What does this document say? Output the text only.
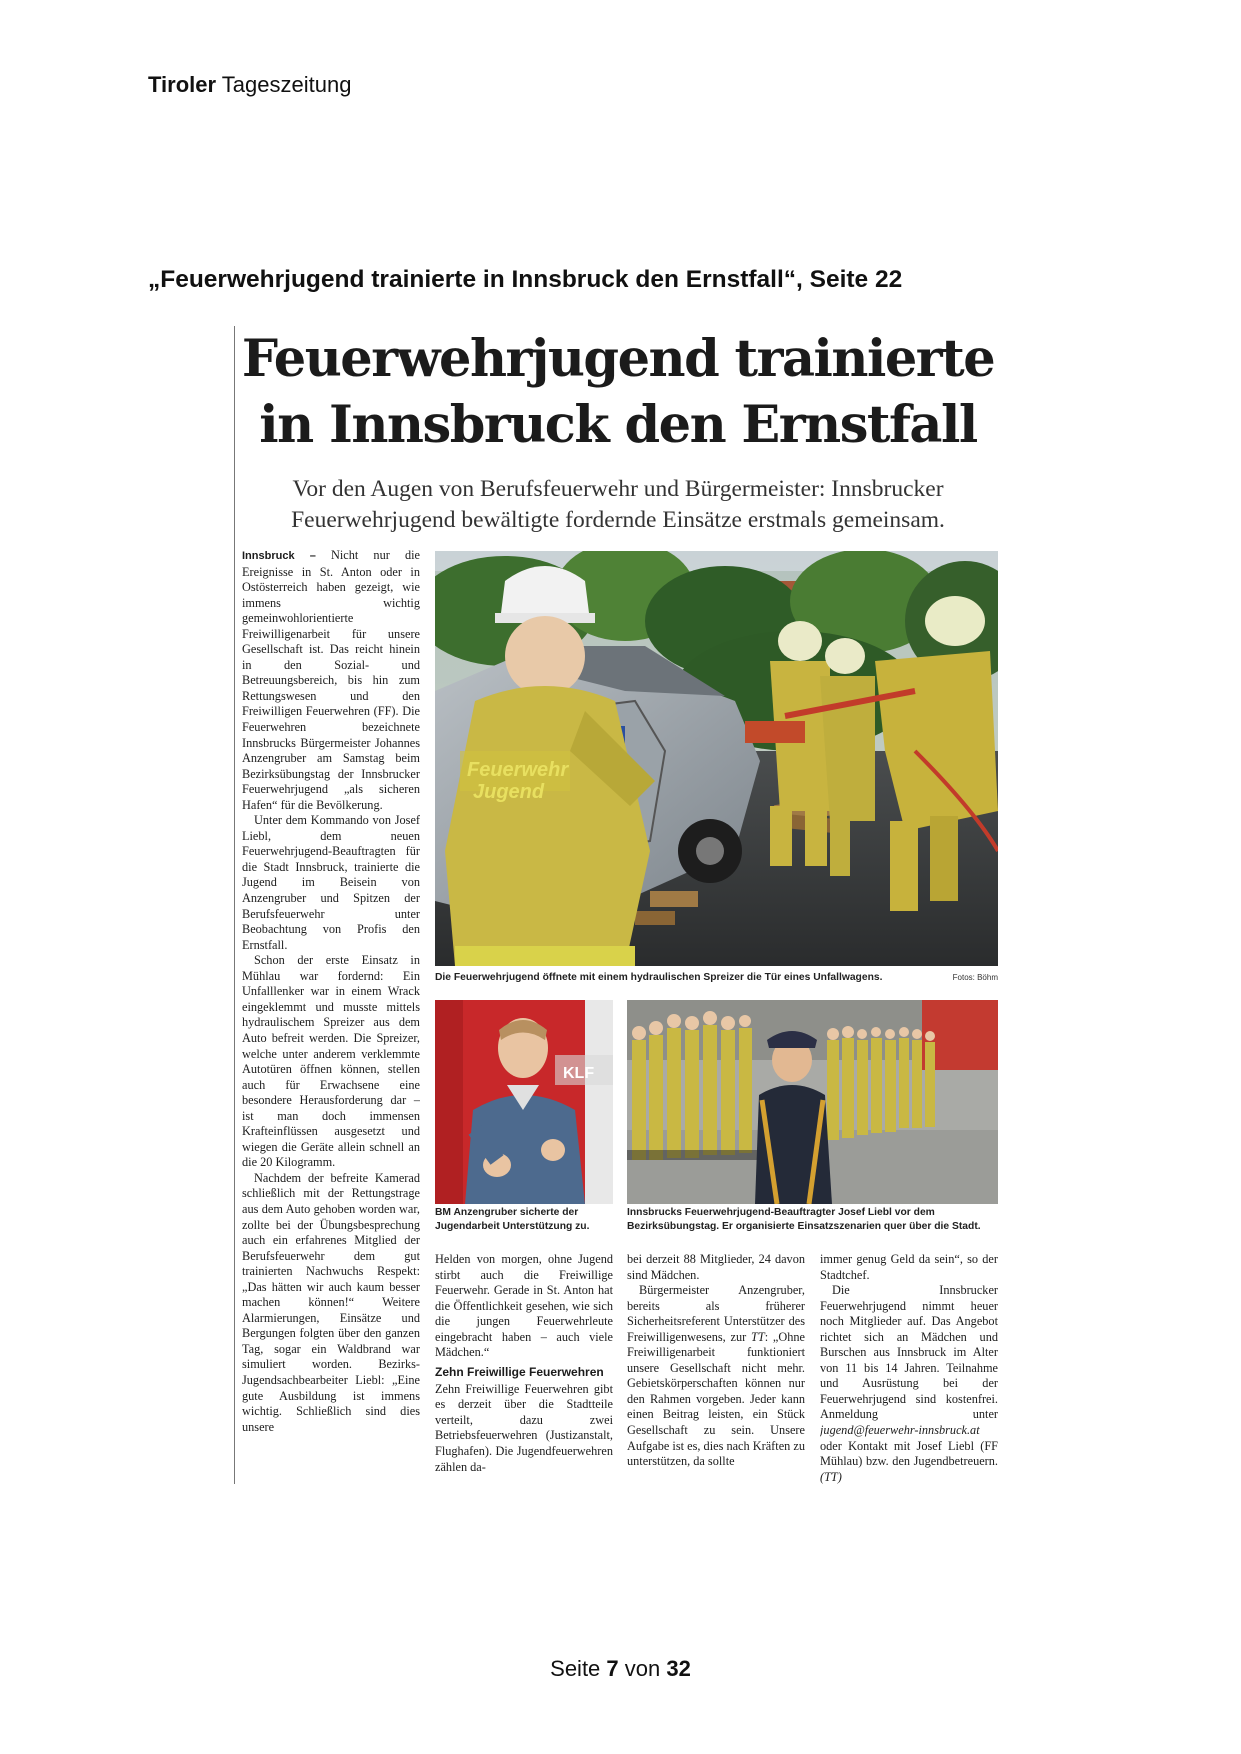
Tiroler Tageszeitung
„Feuerwehrjugend trainierte in Innsbruck den Ernstfall“, Seite 22
Feuerwehrjugend trainierte
in Innsbruck den Ernstfall
Vor den Augen von Berufsfeuerwehr und Bürgermeister: Innsbrucker
Feuerwehrjugend bewältigte fordernde Einsätze erstmals gemeinsam.

Innsbruck – Nicht nur die Ereignisse in St. Anton oder in Ostösterreich haben gezeigt, wie immens wichtig gemeinwohlorientierte Freiwilligenarbeit für unsere Gesellschaft ist. Das reicht hinein in den Sozial- und Betreuungsbereich, bis hin zum Rettungswesen und den Freiwilligen Feuerwehren (FF). Die Feuerwehren bezeichnete Innsbrucks Bürgermeister Johannes Anzengruber am Samstag beim Bezirksübungstag der Innsbrucker Feuerwehrjugend „als sicheren Hafen“ für die Bevölkerung.

Unter dem Kommando von Josef Liebl, dem neuen Feuerwehrjugend-Beauftragten für die Stadt Innsbruck, trainierte die Jugend im Beisein von Anzengruber und Spitzen der Berufsfeuerwehr unter Beobachtung von Profis den Ernstfall.

Schon der erste Einsatz in Mühlau war fordernd: Ein Unfalllenker war in einem Wrack eingeklemmt und musste mittels hydraulischem Spreizer aus dem Auto befreit werden. Die Spreizer, welche unter anderem verklemmte Autotüren öffnen können, stellen auch für Erwachsene eine besondere Herausforderung dar – ist man doch immensen Krafteinflüssen ausgesetzt und wiegen die Geräte allein schnell an die 20 Kilogramm.

Nachdem der befreite Kamerad schließlich mit der Rettungstrage aus dem Auto gehoben worden war, zollte bei der Übungsbesprechung auch ein erfahrenes Mitglied der Berufsfeuerwehr dem gut trainierten Nachwuchs Respekt: „Das hätten wir auch kaum besser machen können!“ Weitere Alarmierungen, Einsätze und Bergungen folgten über den ganzen Tag, sogar ein Waldbrand war simuliert worden. Bezirks-Jugendsachbearbeiter Liebl: „Eine gute Ausbildung ist immens wichtig. Schließlich sind dies unsere

Feuerwehr
Jugend
Die Feuerwehrjugend öffnete mit einem hydraulischen Spreizer die Tür eines Unfallwagens.	Fotos: Böhm
KLF
BM Anzengruber sicherte der Jugendarbeit Unterstützung zu.
Innsbrucks Feuerwehrjugend-Beauftragter Josef Liebl vor dem Bezirksübungstag. Er organisierte Einsatzszenarien quer über die Stadt.

Helden von morgen, ohne Jugend stirbt auch die Freiwillige Feuerwehr. Gerade in St. Anton hat die Öffentlichkeit gesehen, wie sich die jungen Feuerwehrleute eingebracht haben – auch viele Mädchen.“

Zehn Freiwillige Feuerwehren

Zehn Freiwillige Feuerwehren gibt es derzeit über die Stadtteile verteilt, dazu zwei Betriebsfeuerwehren (Justizanstalt, Flughafen). Die Jugendfeuerwehren zählen da-

bei derzeit 88 Mitglieder, 24 davon sind Mädchen.

Bürgermeister Anzengruber, bereits als früherer Sicherheitsreferent Unterstützer des Freiwilligenwesens, zur TT: „Ohne Freiwilligenarbeit funktioniert unsere Gesellschaft nicht mehr. Gebietskörperschaften können nur den Rahmen vorgeben. Jeder kann einen Beitrag leisten, ein Stück Gesellschaft zu sein. Unsere Aufgabe ist es, dies nach Kräften zu unterstützen, da sollte

immer genug Geld da sein“, so der Stadtchef.

Die Innsbrucker Feuerwehrjugend nimmt heuer noch Mitglieder auf. Das Angebot richtet sich an Mädchen und Burschen aus Innsbruck im Alter von 11 bis 14 Jahren. Teilnahme und Ausrüstung bei der Feuerwehrjugend sind kostenfrei. Anmeldung unter jugend@feuerwehr-innsbruck.at oder Kontakt mit Josef Liebl (FF Mühlau) bzw. den Jugendbetreuern. (TT)

Seite 7 von 32
